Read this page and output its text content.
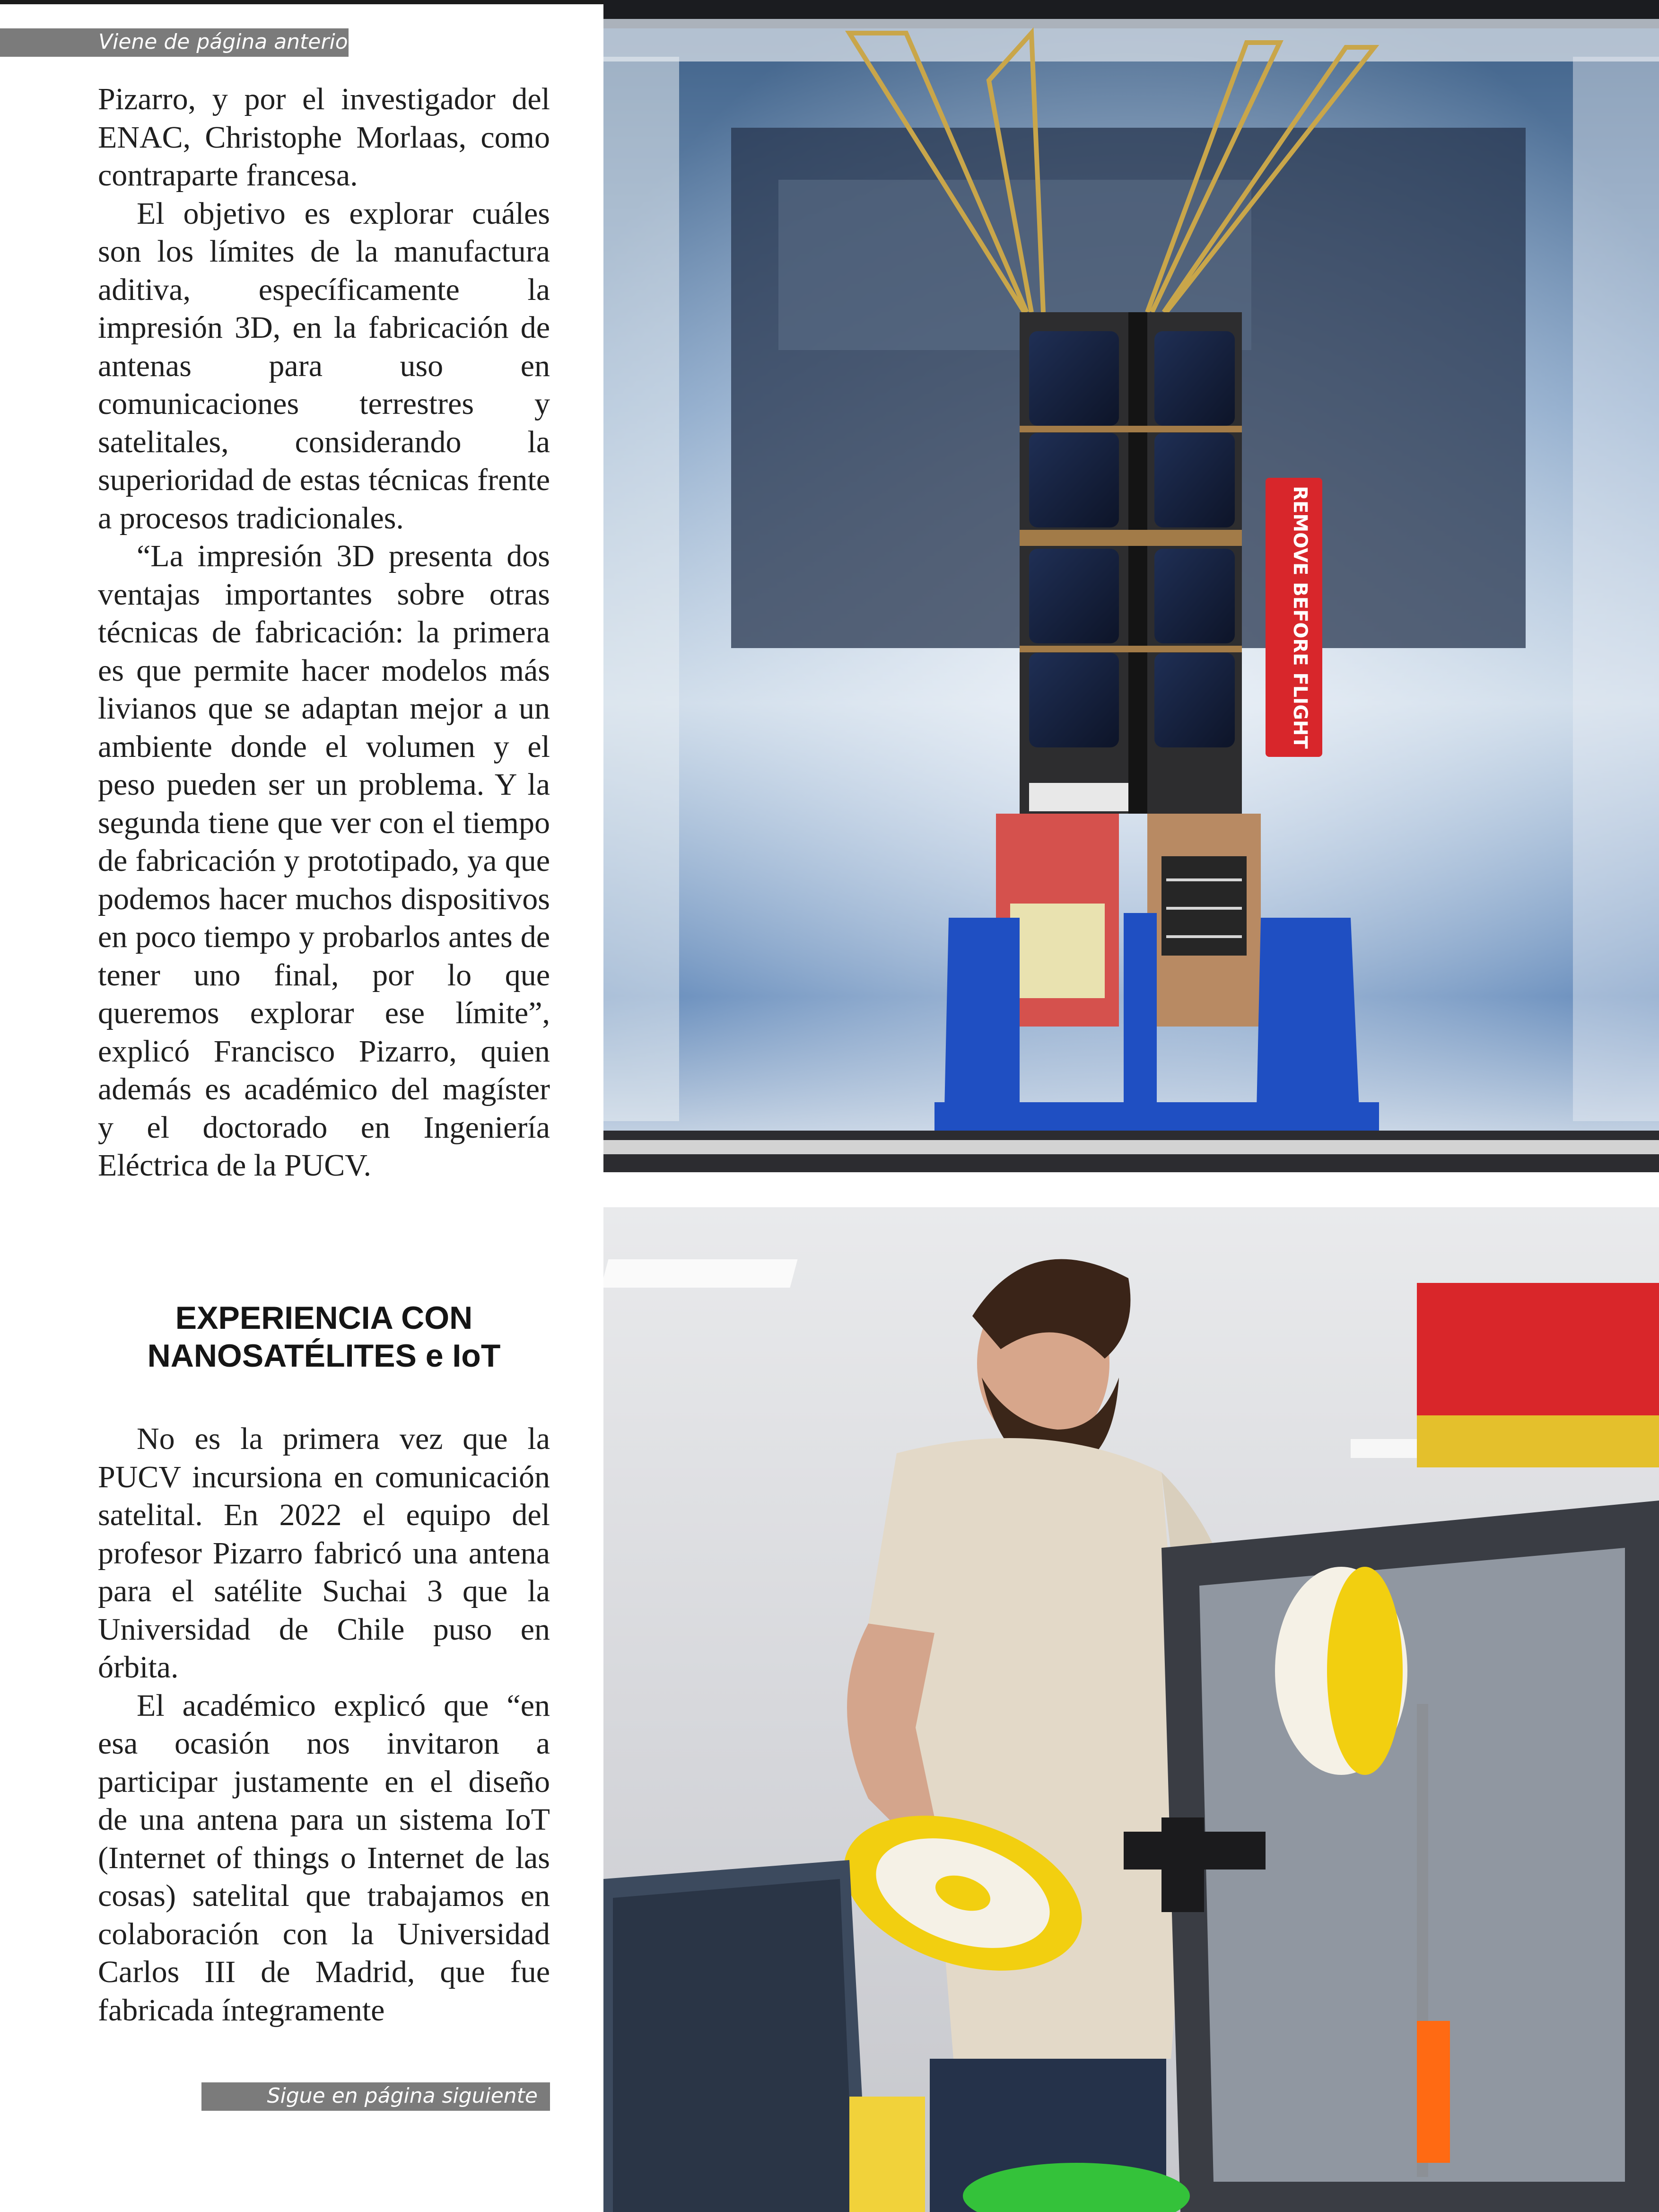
Viene de página anterior

Pizarro, y por el investigador del ENAC, Christophe Morlaas, como contraparte francesa.

El objetivo es explorar cuáles son los límites de la manufactura aditiva, específicamente la impresión 3D, en la fabricación de antenas para uso en comunicaciones terrestres y satelitales, considerando la superioridad de estas técnicas frente a procesos tradicionales.

“La impresión 3D presenta dos ventajas importantes sobre otras técnicas de fabricación: la primera es que permite hacer modelos más livianos que se adaptan mejor a un ambiente donde el volumen y el peso pueden ser un problema. Y la segunda tiene que ver con el tiempo de fabricación y prototipado, ya que podemos hacer muchos dispositivos en poco tiempo y probarlos antes de tener uno final, por lo que queremos explorar ese límite”, explicó Francisco Pizarro, quien además es académico del magíster y el doctorado en Ingeniería Eléctrica de la PUCV.

EXPERIENCIA CON
NANOSATÉLITES e IoT

No es la primera vez que la PUCV incursiona en comunicación satelital. En 2022 el equipo del profesor Pizarro fabricó una antena para el satélite Suchai 3 que la Universidad de Chile puso en órbita.

El académico explicó que “en esa ocasión nos invitaron a participar justamente en el diseño de una antena para un sistema IoT (Internet of things o Internet de las cosas) satelital que trabajamos en colaboración con la Universidad Carlos III de Madrid, que fue fabricada íntegramente

Sigue en página siguiente
REMOVE BEFORE FLIGHT
